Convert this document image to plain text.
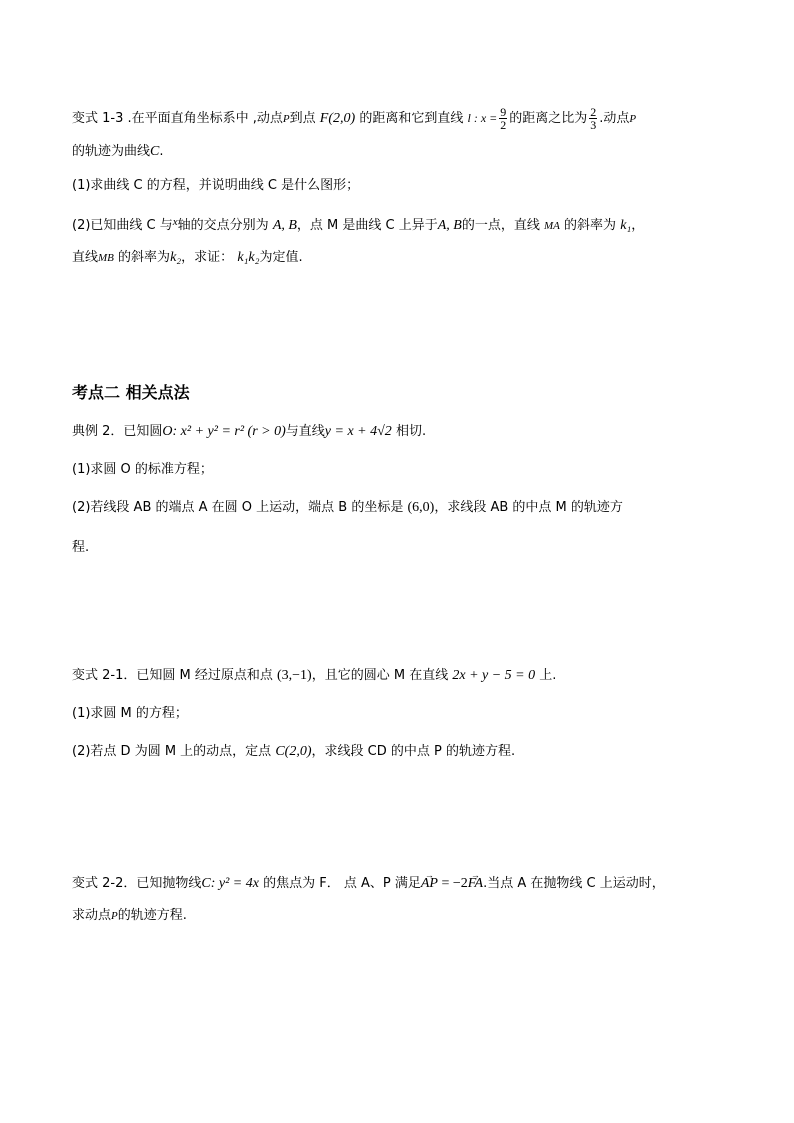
变式 1-3 .在平面直角坐标系中 ,动点P到点 F(2,0) 的距离和它到直线 l : $x = \frac{9}{2}$ 的距离之比为 $\frac{2}{3}$ .动点P
的轨迹为曲线C.
(1)求曲线 C 的方程，并说明曲线 C 是什么图形；
(2)已知曲线 C 与$^x$轴的交点分别为 A, B，点 M 是曲线 C 上异于A, B的一点，直线 MA 的斜率为 k₁，
直线MB 的斜率为k₂，求证： k₁k₂为定值.
考点二 相关点法
典例 2．已知圆O: x² + y² = r² (r > 0)与直线y = x + 4√2 相切.
(1)求圆 O 的标准方程；
(2)若线段 AB 的端点 A 在圆 O 上运动，端点 B 的坐标是 (6,0)，求线段 AB 的中点 M 的轨迹方
程.
变式 2-1．已知圆 M 经过原点和点 (3,−1)，且它的圆心 M 在直线 2x + y − 5 = 0 上.
(1)求圆 M 的方程；
(2)若点 D 为圆 M 上的动点，定点 C(2,0)，求线段 CD 的中点 P 的轨迹方程.
变式 2-2．已知抛物线C: y² = 4x 的焦点为 F． 点 A、P 满足→ AP = −2→ FA.当点 A 在抛物线 C 上运动时，
求动点P的轨迹方程.
